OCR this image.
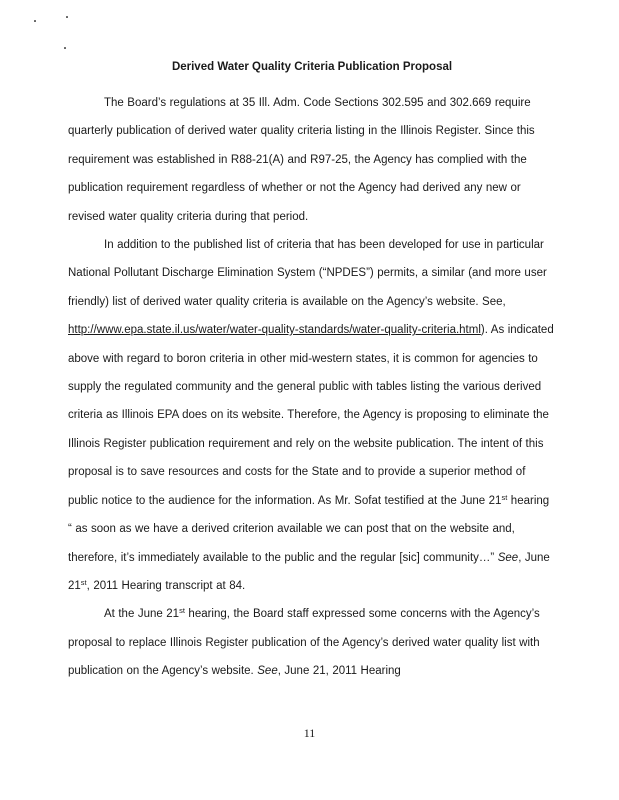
Derived Water Quality Criteria Publication Proposal

The Board’s regulations at 35 Ill. Adm. Code Sections 302.595 and 302.669 require quarterly publication of derived water quality criteria listing in the Illinois Register. Since this requirement was established in R88-21(A) and R97-25, the Agency has complied with the publication requirement regardless of whether or not the Agency had derived any new or revised water quality criteria during that period.

In addition to the published list of criteria that has been developed for use in particular National Pollutant Discharge Elimination System (“NPDES”) permits, a similar (and more user friendly) list of derived water quality criteria is available on the Agency’s website. See, http://www.epa.state.il.us/water/water-quality-standards/water-quality-criteria.html). As indicated above with regard to boron criteria in other mid-western states, it is common for agencies to supply the regulated community and the general public with tables listing the various derived criteria as Illinois EPA does on its website. Therefore, the Agency is proposing to eliminate the Illinois Register publication requirement and rely on the website publication. The intent of this proposal is to save resources and costs for the State and to provide a superior method of public notice to the audience for the information. As Mr. Sofat testified at the June 21st hearing “ as soon as we have a derived criterion available we can post that on the website and, therefore, it’s immediately available to the public and the regular [sic] community…” See, June 21st, 2011 Hearing transcript at 84.

At the June 21st hearing, the Board staff expressed some concerns with the Agency’s proposal to replace Illinois Register publication of the Agency’s derived water quality list with publication on the Agency’s website. See, June 21, 2011 Hearing

11
